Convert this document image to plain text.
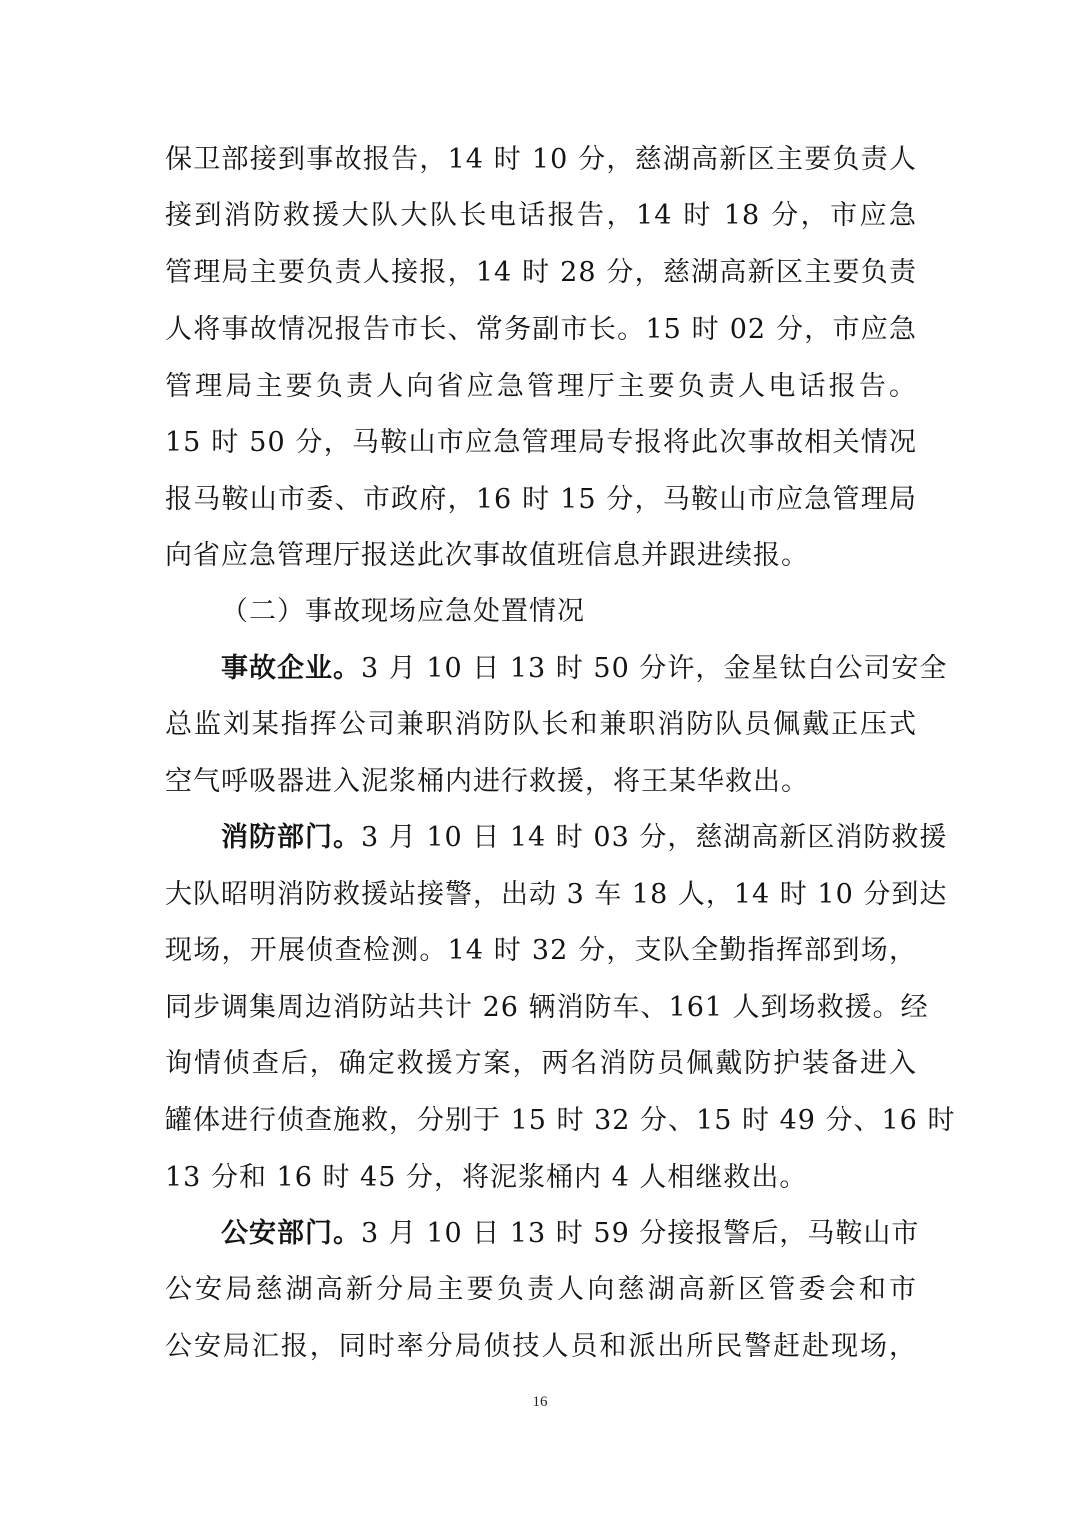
保卫部接到事故报告，14 时 10 分，慈湖高新区主要负责人
接到消防救援大队大队长电话报告，14 时 18 分，市应急
管理局主要负责人接报，14 时 28 分，慈湖高新区主要负责
人将事故情况报告市长、常务副市长。15 时 02 分，市应急
管理局主要负责人向省应急管理厅主要负责人电话报告。
15 时 50 分，马鞍山市应急管理局专报将此次事故相关情况
报马鞍山市委、市政府，16 时 15 分，马鞍山市应急管理局
向省应急管理厅报送此次事故值班信息并跟进续报。
（二）事故现场应急处置情况
事故企业。3 月 10 日 13 时 50 分许，金星钛白公司安全
总监刘某指挥公司兼职消防队长和兼职消防队员佩戴正压式
空气呼吸器进入泥浆桶内进行救援，将王某华救出。
消防部门。3 月 10 日 14 时 03 分，慈湖高新区消防救援
大队昭明消防救援站接警，出动 3 车 18 人，14 时 10 分到达
现场，开展侦查检测。14 时 32 分，支队全勤指挥部到场，
同步调集周边消防站共计 26 辆消防车、161 人到场救援。经
询情侦查后，确定救援方案，两名消防员佩戴防护装备进入
罐体进行侦查施救，分别于 15 时 32 分、15 时 49 分、16 时
13 分和 16 时 45 分，将泥浆桶内 4 人相继救出。
公安部门。3 月 10 日 13 时 59 分接报警后，马鞍山市
公安局慈湖高新分局主要负责人向慈湖高新区管委会和市
公安局汇报，同时率分局侦技人员和派出所民警赶赴现场，
16
